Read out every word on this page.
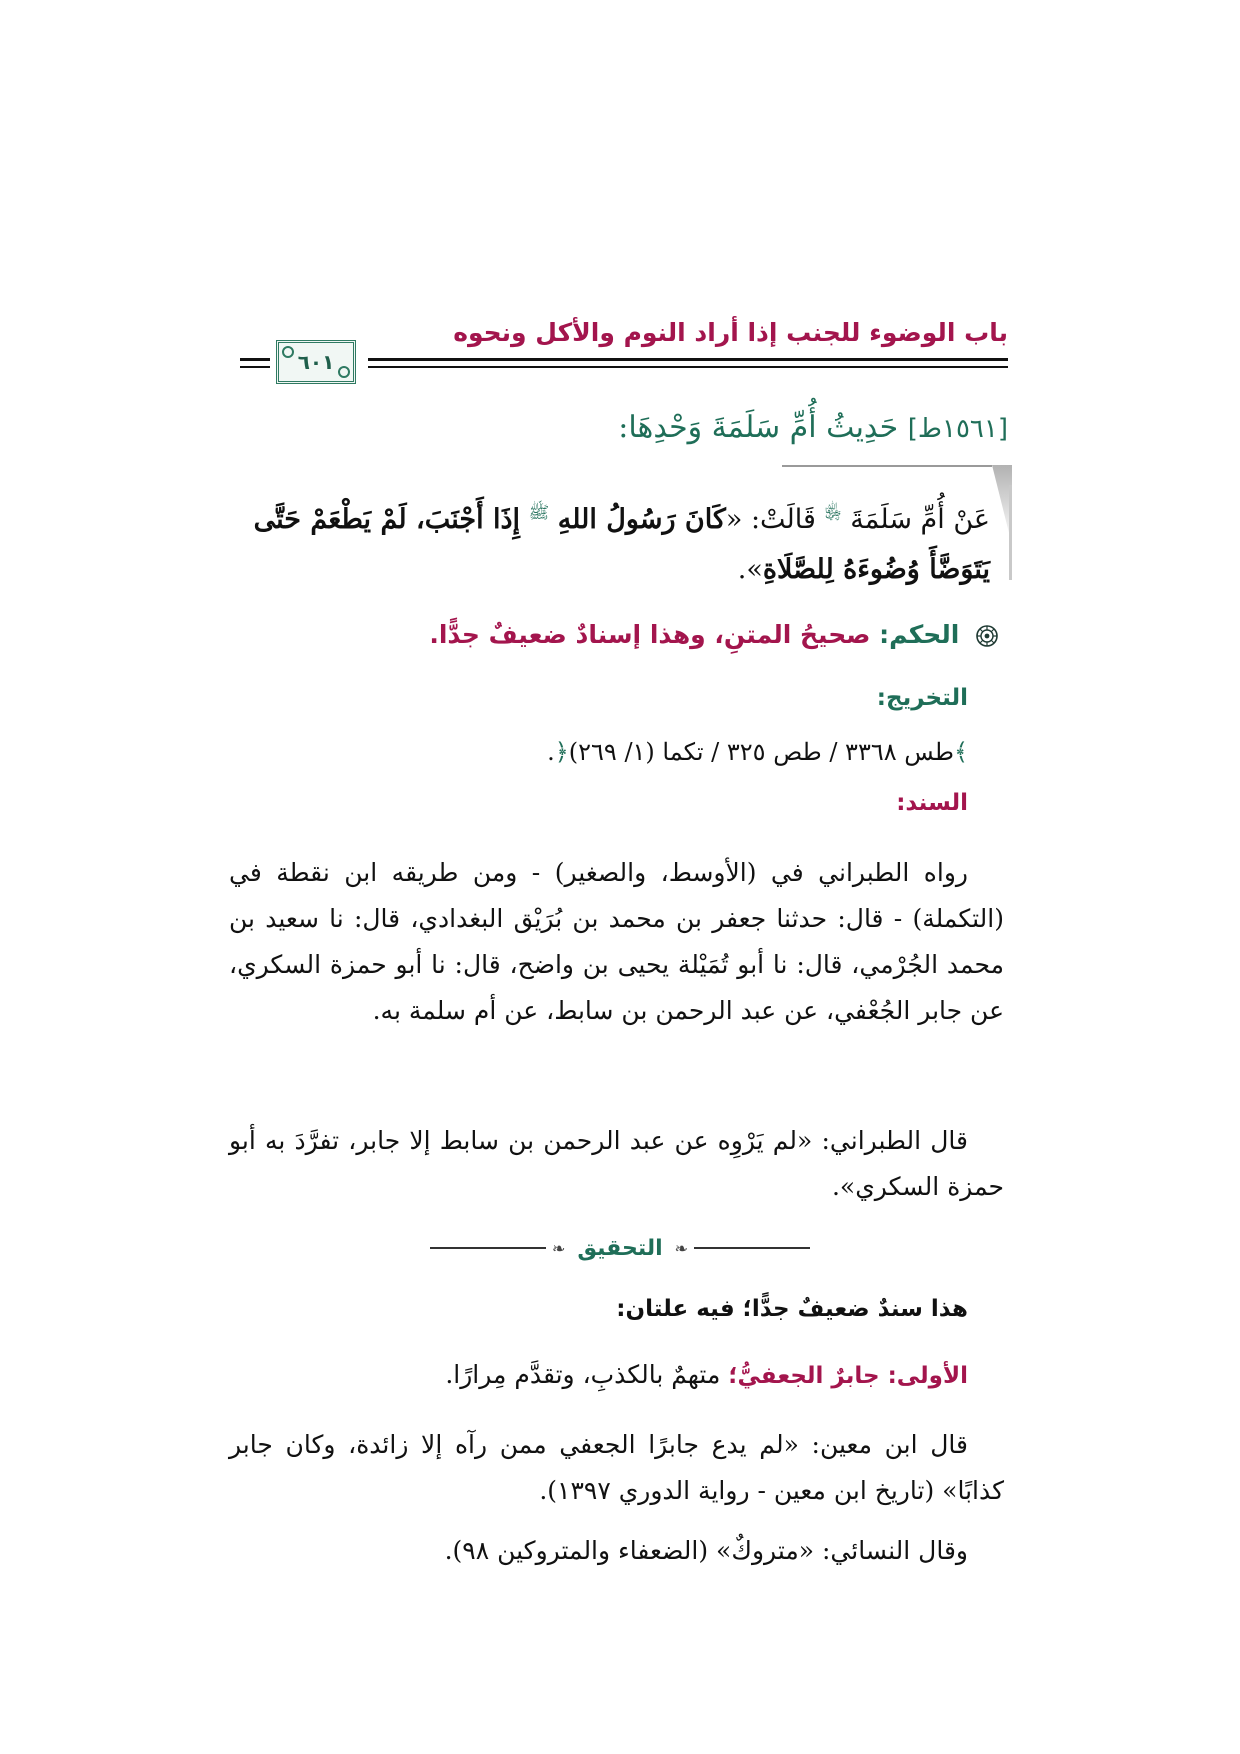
باب الوضوء للجنب إذا أراد النوم والأكل ونحوه
٦٠١
[١٥٦١ط] حَدِيثُ أُمِّ سَلَمَةَ وَحْدِهَا:
عَنْ أُمِّ سَلَمَةَ ﵂ قَالَتْ: «كَانَ رَسُولُ اللهِ $^ﷺ$ إِذَا أَجْنَبَ، لَمْ يَطْعَمْ حَتَّى يَتَوَضَّأَ وُضُوءَهُ لِلصَّلَاةِ».
الحكم: صحيحُ المتنِ، وهذا إسنادٌ ضعيفٌ جدًّا.
التخريج:
﴾طس ٣٣٦٨ / طص ٣٢٥ / تكما (١/ ٢٦٩)﴿.
السند:

رواه الطبراني في (الأوسط، والصغير) - ومن طريقه ابن نقطة في (التكملة) - قال: حدثنا جعفر بن محمد بن بُرَيْق البغدادي، قال: نا سعيد بن محمد الجُرْمي، قال: نا أبو تُمَيْلة يحيى بن واضح، قال: نا أبو حمزة السكري، عن جابر الجُعْفي، عن عبد الرحمن بن سابط، عن أم سلمة به.

قال الطبراني: «لم يَرْوِه عن عبد الرحمن بن سابط إلا جابر، تفرَّدَ به أبو حمزة السكري».

❧
التحقيق
❧
هذا سندٌ ضعيفٌ جدًّا؛ فيه علتان:
الأولى: جابرٌ الجعفيُّ؛ متهمٌ بالكذبِ، وتقدَّم مِرارًا.

قال ابن معين: «لم يدع جابرًا الجعفي ممن رآه إلا زائدة، وكان جابر كذابًا» (تاريخ ابن معين - رواية الدوري ١٣٩٧).

وقال النسائي: «متروكٌ» (الضعفاء والمتروكين ٩٨).
